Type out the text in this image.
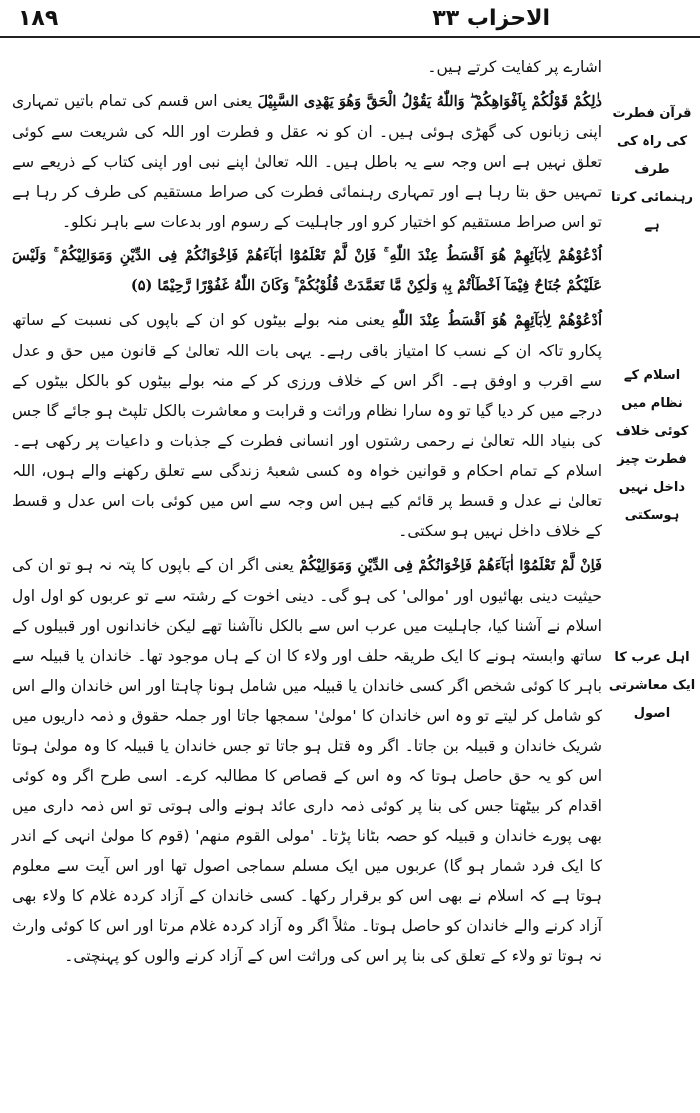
۱۸۹	الاحزاب ۳۳
قرآن فطرت کی راہ کی طرف رہنمائی کرتا ہے
اسلام کے نظام میں کوئی خلاف فطرت چیز داخل نہیں ہوسکتی
اہل عرب کا ایک معاشرتی اصول

اشارے پر کفایت کرتے ہیں۔

ذٰلِکُمْ قَوْلُکُمْ بِاَفْوَاهِکُمْ ۖ وَاللّٰهُ یَقُوْلُ الْحَقَّ وَهُوَ یَهْدِی السَّبِیْلَ یعنی اس قسم کی تمام باتیں تمہاری اپنی زبانوں کی گھڑی ہوئی ہیں۔ ان کو نہ عقل و فطرت اور اللہ کی شریعت سے کوئی تعلق نہیں ہے اس وجہ سے یہ باطل ہیں۔ اللہ تعالیٰ اپنے نبی اور اپنی کتاب کے ذریعے سے تمہیں حق بتا رہا ہے اور تمہاری رہنمائی فطرت کی صراط مستقیم کی طرف کر رہا ہے تو اس صراط مستقیم کو اختیار کرو اور جاہلیت کے رسوم اور بدعات سے باہر نکلو۔

اُدْعُوْهُمْ لِاٰبَآئِهِمْ هُوَ اَقْسَطُ عِنْدَ اللّٰهِ ۚ فَاِنْ لَّمْ تَعْلَمُوْٓا اٰبَآءَهُمْ فَاِخْوَانُکُمْ فِی الدِّیْنِ وَمَوَالِیْکُمْ ۚ وَلَیْسَ عَلَیْکُمْ جُنَاحٌ فِیْمَآ اَخْطَاْتُمْ بِهٖ وَلٰکِنْ مَّا تَعَمَّدَتْ قُلُوْبُکُمْ ۚ وَکَانَ اللّٰهُ غَفُوْرًا رَّحِیْمًا (۵)

اُدْعُوْهُمْ لِاٰبَآئِهِمْ هُوَ اَقْسَطُ عِنْدَ اللّٰهِ یعنی منہ بولے بیٹوں کو ان کے باپوں کی نسبت کے ساتھ پکارو تاکہ ان کے نسب کا امتیاز باقی رہے۔ یہی بات اللہ تعالیٰ کے قانون میں حق و عدل سے اقرب و اوفق ہے۔ اگر اس کے خلاف ورزی کر کے منہ بولے بیٹوں کو بالکل بیٹوں کے درجے میں کر دیا گیا تو وہ سارا نظام وراثت و قرابت و معاشرت بالکل تلپٹ ہو جائے گا جس کی بنیاد اللہ تعالیٰ نے رحمی رشتوں اور انسانی فطرت کے جذبات و داعیات پر رکھی ہے۔ اسلام کے تمام احکام و قوانین خواہ وہ کسی شعبۂ زندگی سے تعلق رکھنے والے ہوں، اللہ تعالیٰ نے عدل و قسط پر قائم کیے ہیں اس وجہ سے اس میں کوئی بات اس عدل و قسط کے خلاف داخل نہیں ہو سکتی۔

فَاِنْ لَّمْ تَعْلَمُوْٓا اٰبَآءَهُمْ فَاِخْوَانُکُمْ فِی الدِّیْنِ وَمَوَالِیْکُمْ یعنی اگر ان کے باپوں کا پتہ نہ ہو تو ان کی حیثیت دینی بھائیوں اور 'موالی' کی ہو گی۔ دینی اخوت کے رشتہ سے تو عربوں کو اول اول اسلام نے آشنا کیا، جاہلیت میں عرب اس سے بالکل ناآشنا تھے لیکن خاندانوں اور قبیلوں کے ساتھ وابستہ ہونے کا ایک طریقہ حلف اور ولاء کا ان کے ہاں موجود تھا۔ خاندان یا قبیلہ سے باہر کا کوئی شخص اگر کسی خاندان یا قبیلہ میں شامل ہونا چاہتا اور اس خاندان والے اس کو شامل کر لیتے تو وہ اس خاندان کا 'مولیٰ' سمجھا جاتا اور جملہ حقوق و ذمہ داریوں میں شریک خاندان و قبیلہ بن جاتا۔ اگر وہ قتل ہو جاتا تو جس خاندان یا قبیلہ کا وہ مولیٰ ہوتا اس کو یہ حق حاصل ہوتا کہ وہ اس کے قصاص کا مطالبہ کرے۔ اسی طرح اگر وہ کوئی اقدام کر بیٹھتا جس کی بنا پر کوئی ذمہ داری عائد ہونے والی ہوتی تو اس ذمہ داری میں بھی پورے خاندان و قبیلہ کو حصہ بٹانا پڑتا۔ 'مولی القوم منهم' (قوم کا مولیٰ انہی کے اندر کا ایک فرد شمار ہو گا) عربوں میں ایک مسلم سماجی اصول تھا اور اس آیت سے معلوم ہوتا ہے کہ اسلام نے بھی اس کو برقرار رکھا۔ کسی خاندان کے آزاد کردہ غلام کا ولاء بھی آزاد کرنے والے خاندان کو حاصل ہوتا۔ مثلاً اگر وہ آزاد کردہ غلام مرتا اور اس کا کوئی وارث نہ ہوتا تو ولاء کے تعلق کی بنا پر اس کی وراثت اس کے آزاد کرنے والوں کو پہنچتی۔
